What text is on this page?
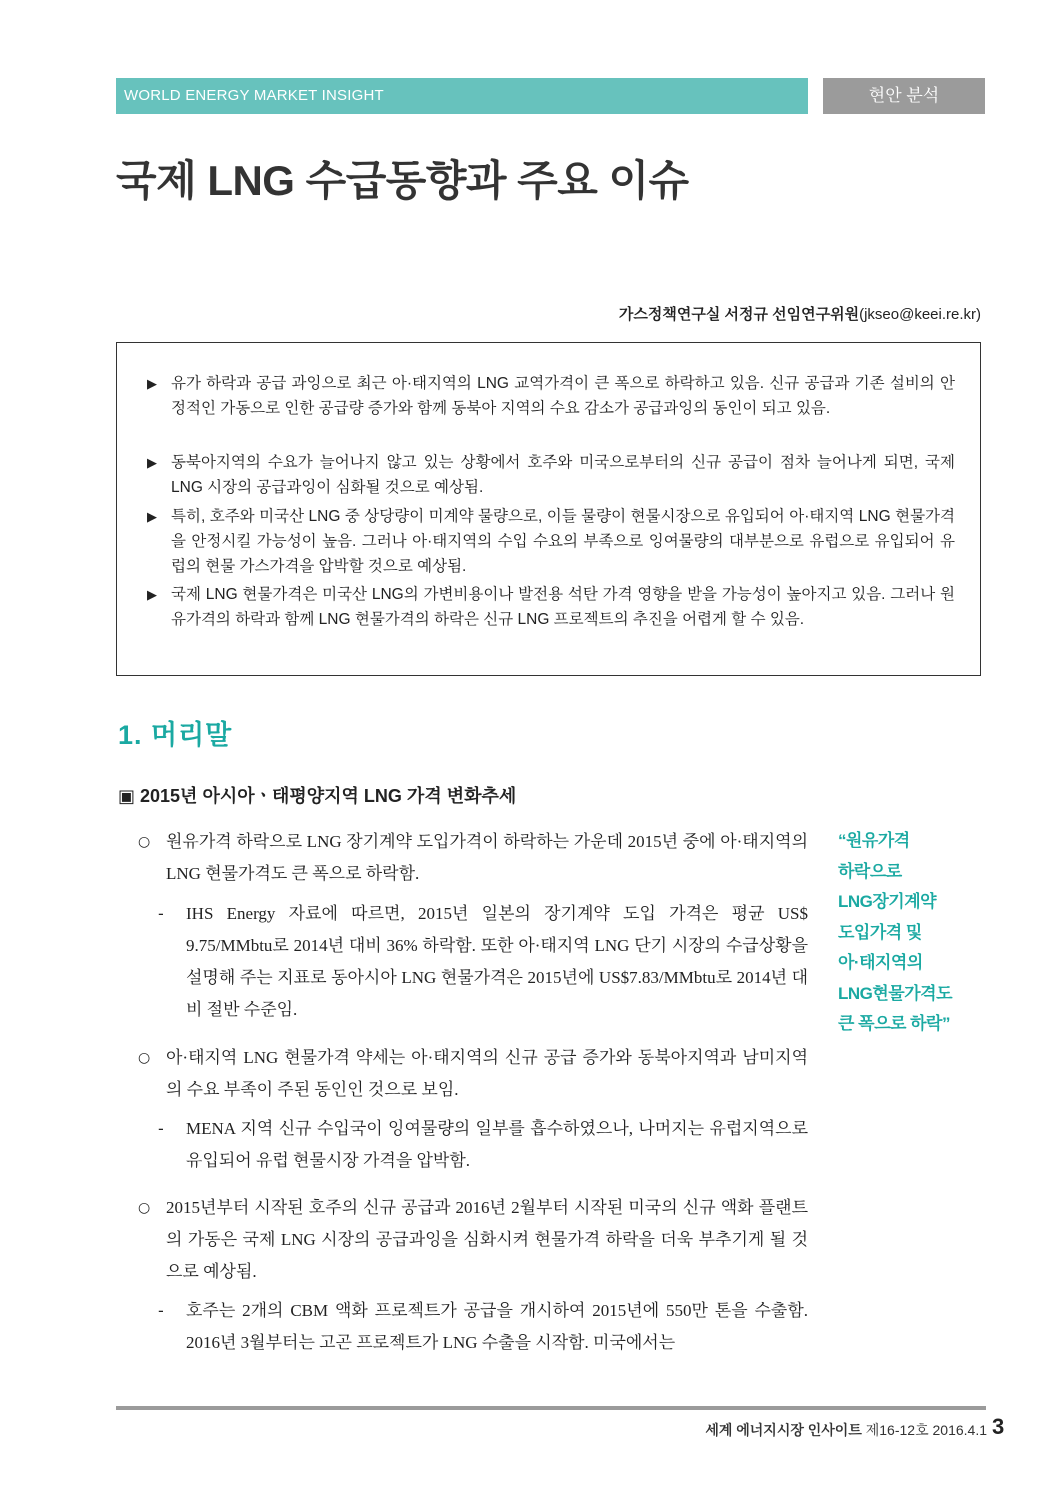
WORLD ENERGY MARKET INSIGHT	현안 분석
국제 LNG 수급동향과 주요 이슈
가스정책연구실 서정규 선임연구위원(jkseo@keei.re.kr)
▶ 유가 하락과 공급 과잉으로 최근 아·태지역의 LNG 교역가격이 큰 폭으로 하락하고 있음. 신규 공급과 기존 설비의 안정적인 가동으로 인한 공급량 증가와 함께 동북아 지역의 수요 감소가 공급과잉의 동인이 되고 있음.
▶ 동북아지역의 수요가 늘어나지 않고 있는 상황에서 호주와 미국으로부터의 신규 공급이 점차 늘어나게 되면, 국제 LNG 시장의 공급과잉이 심화될 것으로 예상됨.
▶ 특히, 호주와 미국산 LNG 중 상당량이 미계약 물량으로, 이들 물량이 현물시장으로 유입되어 아·태지역 LNG 현물가격을 안정시킬 가능성이 높음. 그러나 아·태지역의 수입 수요의 부족으로 잉여물량의 대부분으로 유럽으로 유입되어 유럽의 현물 가스가격을 압박할 것으로 예상됨.
▶ 국제 LNG 현물가격은 미국산 LNG의 가변비용이나 발전용 석탄 가격 영향을 받을 가능성이 높아지고 있음. 그러나 원유가격의 하락과 함께 LNG 현물가격의 하락은 신규 LNG 프로젝트의 추진을 어렵게 할 수 있음.
1. 머리말
▣ 2015년 아시아ㆍ태평양지역 LNG 가격 변화추세
○ 원유가격 하락으로 LNG 장기계약 도입가격이 하락하는 가운데 2015년 중에 아·태지역의 LNG 현물가격도 큰 폭으로 하락함.
-	IHS Energy 자료에 따르면, 2015년 일본의 장기계약 도입 가격은 평균 US$ 9.75/MMbtu로 2014년 대비 36% 하락함. 또한 아·태지역 LNG 단기 시장의 수급상황을 설명해 주는 지표로 동아시아 LNG 현물가격은 2015년에 US$7.83/MMbtu로 2014년 대비 절반 수준임.
○ 아·태지역 LNG 현물가격 약세는 아·태지역의 신규 공급 증가와 동북아지역과 남미지역의 수요 부족이 주된 동인인 것으로 보임.
-	MENA 지역 신규 수입국이 잉여물량의 일부를 흡수하였으나, 나머지는 유럽지역으로 유입되어 유럽 현물시장 가격을 압박함.
○ 2015년부터 시작된 호주의 신규 공급과 2016년 2월부터 시작된 미국의 신규 액화 플랜트의 가동은 국제 LNG 시장의 공급과잉을 심화시켜 현물가격 하락을 더욱 부추기게 될 것으로 예상됨.
-	호주는 2개의 CBM 액화 프로젝트가 공급을 개시하여 2015년에 550만 톤을 수출함. 2016년 3월부터는 고곤 프로젝트가 LNG 수출을 시작함. 미국에서는
“원유가격
하락으로
LNG장기계약
도입가격 및
아·태지역의
LNG현물가격도
큰 폭으로 하락”
세계 에너지시장 인사이트 제16-12호 2016.4.1 3
